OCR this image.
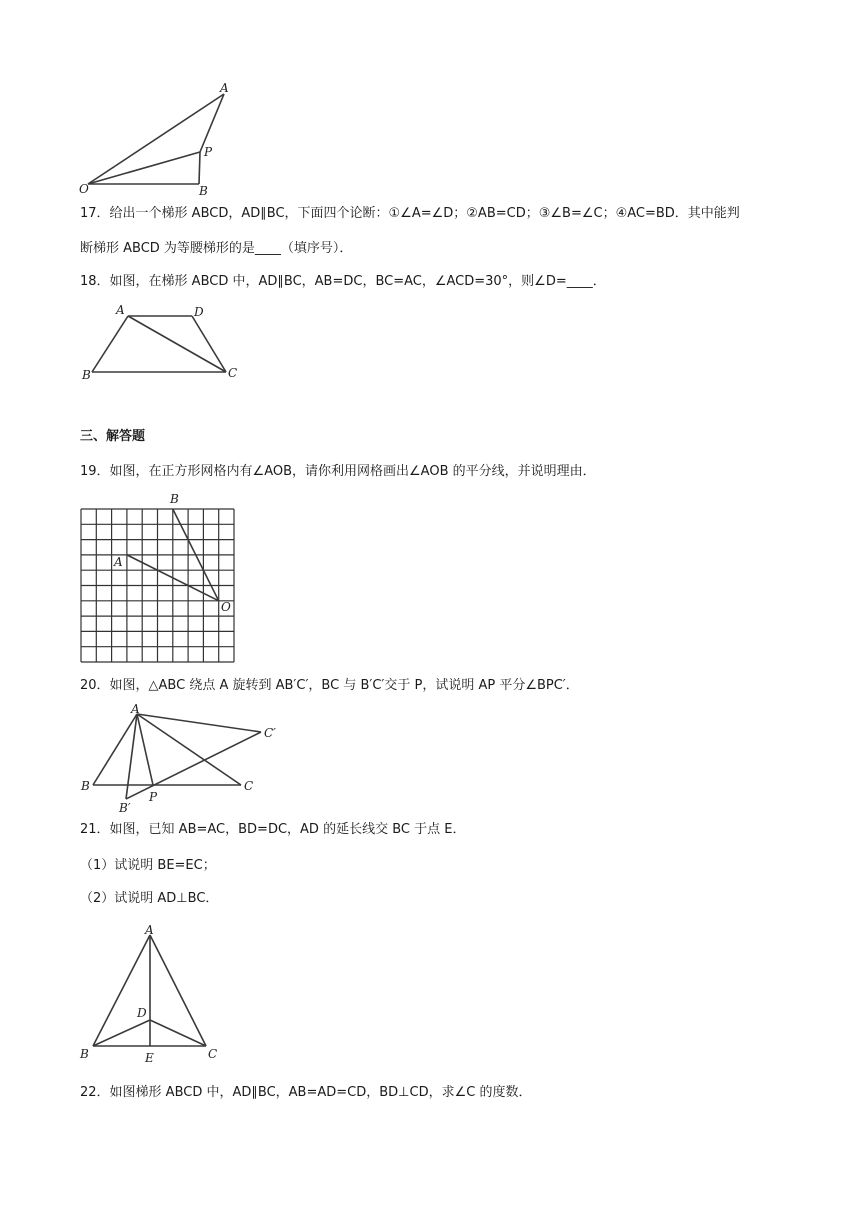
A
P
O	B
17．给出一个梯形 ABCD，AD∥BC，下面四个论断：①∠A=∠D；②AB=CD；③∠B=∠C；④AC=BD．其中能判
断梯形 ABCD 为等腰梯形的是____（填序号）．
18．如图，在梯形 ABCD 中，AD∥BC，AB=DC，BC=AC，∠ACD=30°，则∠D=____．
A	D
B	C
三、解答题
19．如图，在正方形网格内有∠AOB，请你利用网格画出∠AOB 的平分线，并说明理由．
B
A
O
20．如图，△ABC 绕点 A 旋转到 AB′C′，BC 与 B′C′交于 P，试说明 AP 平分∠BPC′．
A
C′
B	C
B′
P
21．如图，已知 AB=AC，BD=DC，AD 的延长线交 BC 于点 E．
（1）试说明 BE=EC；
（2）试说明 AD⊥BC．
A
D
B	E	C
22．如图梯形 ABCD 中，AD∥BC，AB=AD=CD，BD⊥CD，求∠C 的度数．
